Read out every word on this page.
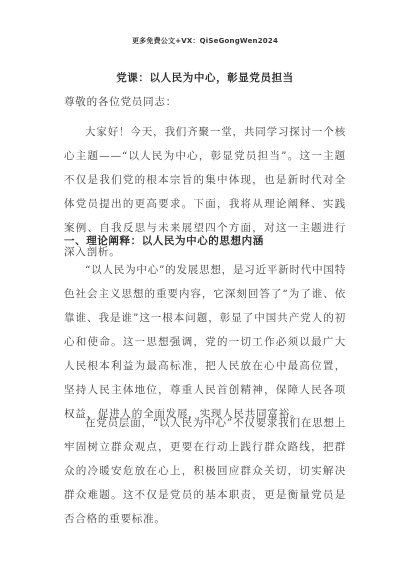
更多免费公文+VX：QiSeGongWen2024
党课：以人民为中心，彰显党员担当
尊敬的各位党员同志：

大家好！今天，我们齐聚一堂，共同学习探讨一个核心主题——“以人民为中心，彰显党员担当”。这一主题不仅是我们党的根本宗旨的集中体现，也是新时代对全体党员提出的更高要求。下面，我将从理论阐释、实践案例、自我反思与未来展望四个方面，对这一主题进行深入剖析。

一、理论阐释：以人民为中心的思想内涵

“以人民为中心”的发展思想，是习近平新时代中国特色社会主义思想的重要内容，它深刻回答了“为了谁、依靠谁、我是谁”这一根本问题，彰显了中国共产党人的初心和使命。这一思想强调，党的一切工作必须以最广大人民根本利益为最高标准，把人民放在心中最高位置，坚持人民主体地位，尊重人民首创精神，保障人民各项权益，促进人的全面发展，实现人民共同富裕。

在党员层面，“以人民为中心”不仅要求我们在思想上牢固树立群众观点，更要在行动上践行群众路线，把群众的冷暖安危放在心上，积极回应群众关切，切实解决群众难题。这不仅是党员的基本职责，更是衡量党员是否合格的重要标准。
